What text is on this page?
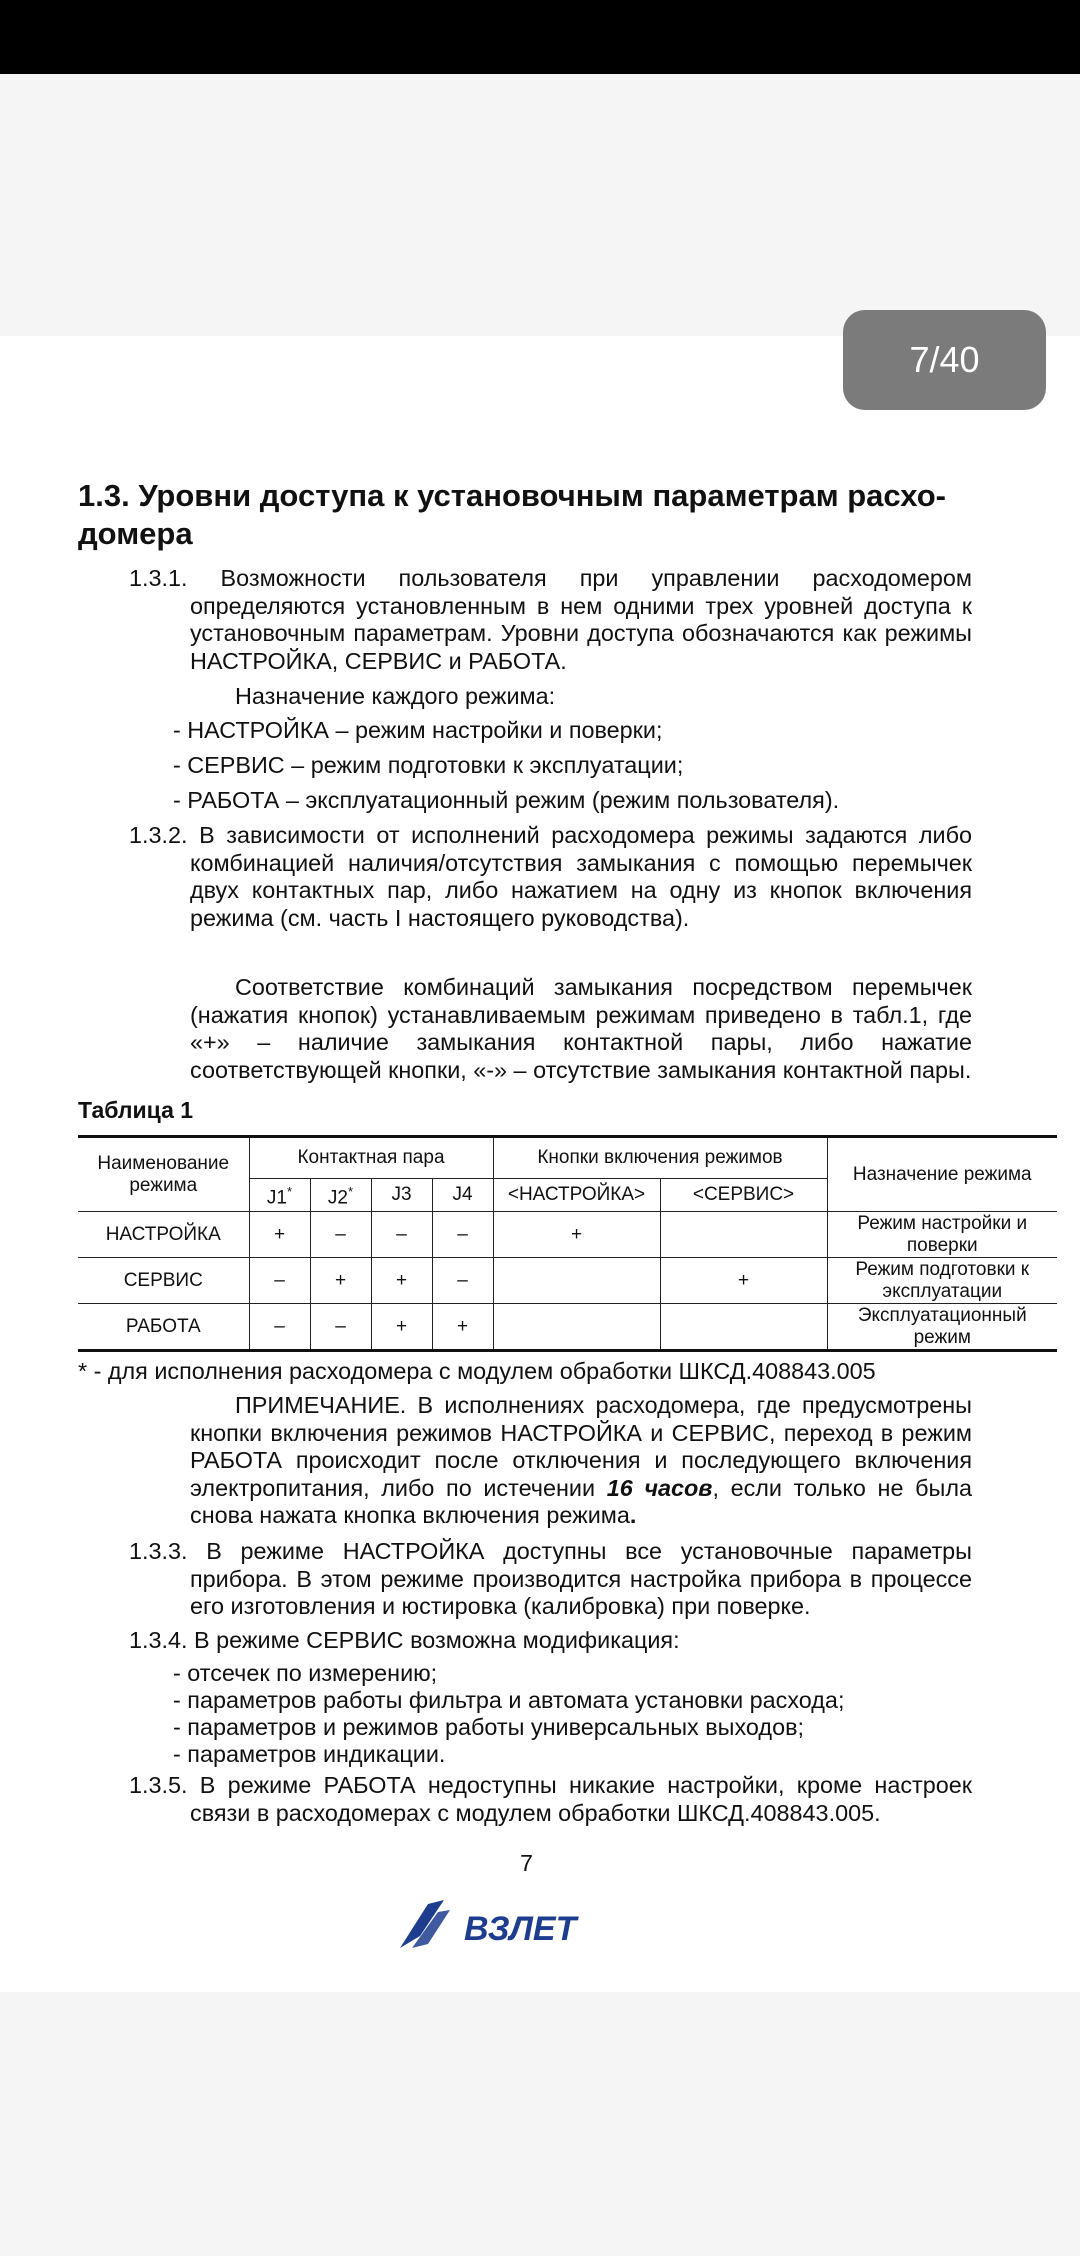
7/40
1.3. Уровни доступа к установочным параметрам расхо-
домера
1.3.1. Возможности пользователя при управлении расходомером определяются установленным в нем одними трех уровней доступа к установочным параметрам. Уровни доступа обозначаются как режимы НАСТРОЙКА, СЕРВИС и РАБОТА.
Назначение каждого режима:
- НАСТРОЙКА – режим настройки и поверки;
- СЕРВИС – режим подготовки к эксплуатации;
- РАБОТА – эксплуатационный режим (режим пользователя).
1.3.2. В зависимости от исполнений расходомера режимы задаются либо комбинацией наличия/отсутствия замыкания с помощью перемычек двух контактных пар, либо нажатием на одну из кнопок включения режима (см. часть I настоящего руководства).
Соответствие комбинаций замыкания посредством перемычек (нажатия кнопок) устанавливаемым режимам приведено в табл.1, где «+» – наличие замыкания контактной пары, либо нажатие соответствующей кнопки, «-» – отсутствие замыкания контактной пары.
Таблица 1
Наименование режима	Контактная пара				Кнопки включения режимов		Назначение режима
	J1*	J2*	J3	J4	<НАСТРОЙКА>	<СЕРВИС>	
НАСТРОЙКА	+	–	–	–	+		Режим настройки и поверки
СЕРВИС	–	+	+	–		+	Режим подготовки к эксплуатации
РАБОТА	–	–	+	+			Эксплуатационный режим
* - для исполнения расходомера с модулем обработки ШКСД.408843.005
ПРИМЕЧАНИЕ. В исполнениях расходомера, где предусмотрены кнопки включения режимов НАСТРОЙКА и СЕРВИС, переход в режим РАБОТА происходит после отключения и последующего включения электропитания, либо по истечении 16 часов, если только не была снова нажата кнопка включения режима.
1.3.3. В режиме НАСТРОЙКА доступны все установочные параметры прибора. В этом режиме производится настройка прибора в процессе его изготовления и юстировка (калибровка) при поверке.
1.3.4. В режиме СЕРВИС возможна модификация:
- отсечек по измерению;
- параметров работы фильтра и автомата установки расхода;
- параметров и режимов работы универсальных выходов;
- параметров индикации.
1.3.5. В режиме РАБОТА недоступны никакие настройки, кроме настроек связи в расходомерах с модулем обработки ШКСД.408843.005.
7
ВЗЛЕТ
